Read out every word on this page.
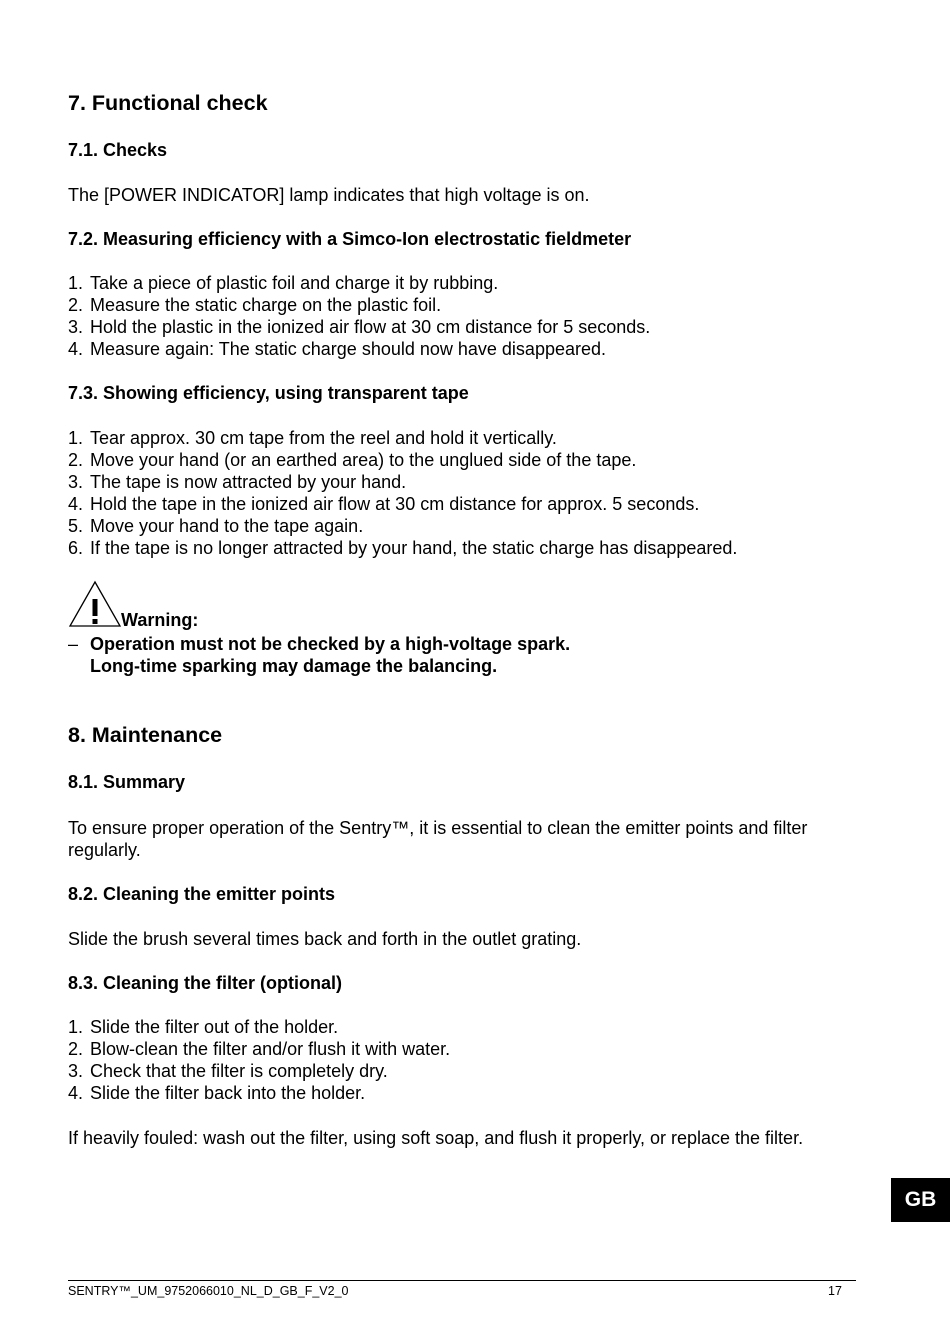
7. Functional check
7.1. Checks
The [POWER INDICATOR] lamp indicates that high voltage is on.
7.2. Measuring efficiency with a Simco-Ion electrostatic fieldmeter
1. Take a piece of plastic foil and charge it by rubbing.
2. Measure the static charge on the plastic foil.
3. Hold the plastic in the ionized air flow at 30 cm distance for 5 seconds.
4. Measure again: The static charge should now have disappeared.
7.3. Showing efficiency, using transparent tape
1. Tear approx. 30 cm tape from the reel and hold it vertically.
2. Move your hand (or an earthed area) to the unglued side of the tape.
3. The tape is now attracted by your hand.
4. Hold the tape in the ionized air flow at 30 cm distance for approx. 5 seconds.
5. Move your hand to the tape again.
6. If the tape is no longer attracted by your hand, the static charge has disappeared.
Warning:
– Operation must not be checked by a high-voltage spark.
Long-time sparking may damage the balancing.
8. Maintenance
8.1. Summary
To ensure proper operation of the Sentry™, it is essential to clean the emitter points and filter regularly.
8.2. Cleaning the emitter points
Slide the brush several times back and forth in the outlet grating.
8.3. Cleaning the filter (optional)
1. Slide the filter out of the holder.
2. Blow-clean the filter and/or flush it with water.
3. Check that the filter is completely dry.
4. Slide the filter back into the holder.
If heavily fouled: wash out the filter, using soft soap, and flush it properly, or replace the filter.
GB
SENTRY™_UM_9752066010_NL_D_GB_F_V2_0	17
